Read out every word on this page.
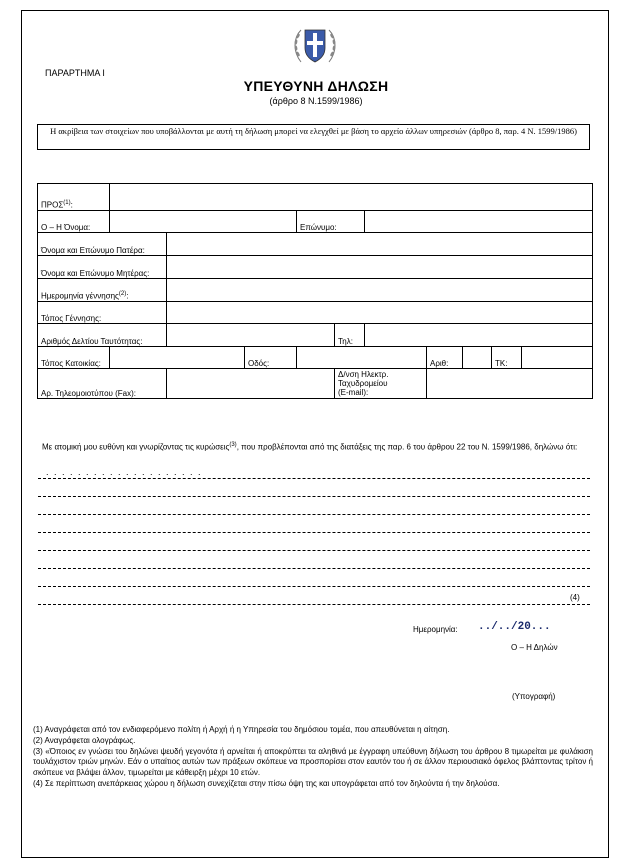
ΠΑΡΑΡΤΗΜΑ Ι
ΥΠΕΥΘΥΝΗ ΔΗΛΩΣΗ
(άρθρο 8 Ν.1599/1986)
Η ακρίβεια των στοιχείων που υποβάλλονται με αυτή τη δήλωση μπορεί να ελεγχθεί με βάση το αρχείο άλλων υπηρεσιών (άρθρο 8, παρ. 4 Ν. 1599/1986)
ΠΡΟΣ$^{(1)}$:										
Ο – Η Όνομα:				Επώνυμο:						
Όνομα και Επώνυμο Πατέρα:										
Όνομα και Επώνυμο Μητέρας:										
Ημερομηνία γέννησης$^{(2)}$:										
Τόπος Γέννησης:										
Αριθμός Δελτίου Ταυτότητας:					Τηλ:					
Τόπος Κατοικίας:			Οδός:				Αριθ:		ΤΚ:	
Αρ. Τηλεομοιοτύπου (Fax):					Δ/νση Ηλεκτρ.
Ταχυδρομείου
(E-mail):					

Με ατομική μου ευθύνη και γνωρίζοντας τις κυρώσεις$^{(3)}$, που προβλέπονται από της διατάξεις της παρ. 6 του άρθρου 22 του Ν. 1599/1986, δηλώνω ότι:
. . . . . . . . . . . . . . . . . . . .
(4)
Ημερομηνία: ../../20...
Ο – Η Δηλών
(Υπογραφή)

(1) Αναγράφεται από τον ενδιαφερόμενο πολίτη ή Αρχή ή η Υπηρεσία του δημόσιου τομέα, που απευθύνεται η αίτηση.

(2) Αναγράφεται ολογράφως.

(3) «Όποιος εν γνώσει του δηλώνει ψευδή γεγονότα ή αρνείται ή αποκρύπτει τα αληθινά με έγγραφη υπεύθυνη δήλωση του άρθρου 8 τιμωρείται με φυλάκιση τουλάχιστον τριών μηνών. Εάν ο υπαίτιος αυτών των πράξεων σκόπευε να προσπορίσει στον εαυτόν του ή σε άλλον περιουσιακό όφελος βλάπτοντας τρίτον ή σκόπευε να βλάψει άλλον, τιμωρείται με κάθειρξη μέχρι 10 ετών.

(4) Σε περίπτωση ανεπάρκειας χώρου η δήλωση συνεχίζεται στην πίσω όψη της και υπογράφεται από τον δηλούντα ή την δηλούσα.
